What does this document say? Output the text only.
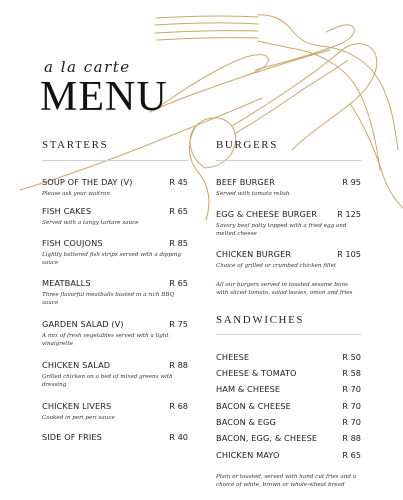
a la carte
MENU
STARTERS
SOUP OF THE DAY (V)	R 45
Please ask your waitron
FISH CAKES	R 65
Served with a tangy tartare sauce
FISH COUJONS	R 85
Lightly battered fish strips served with a dipping sauce
MEATBALLS	R 65
Three flavorful meatballs basted in a rich BBQ sauce
GARDEN SALAD (V)	R 75
A mix of fresh vegetables served with a light vinaigrette
CHICKEN SALAD	R 88
Grilled chicken on a bed of mixed greens with dressing
CHICKEN LIVERS	R 68
Cooked in peri peri sauce
SIDE OF FRIES	R 40
BURGERS
BEEF BURGER	R 95
Served with tomato relish
EGG & CHEESE BURGER R 125
Savory beef patty topped with a fried egg and melted cheese
CHICKEN BURGER	R 105
Choice of grilled or crumbed chicken fillet
All our burgers served in toasted sesame buns with sliced tomato, salad leaves, onion and fries
SANDWICHES
CHEESE	R 50
CHEESE & TOMATO	R 58
HAM & CHEESE	R 70
BACON & CHEESE	R 70
BACON & EGG	R 70
BACON, EGG, & CHEESE	R 88
CHICKEN MAYO	R 65
Plain or toasted, served with hand cut fries and a choice of white, brown or whole-wheat bread
